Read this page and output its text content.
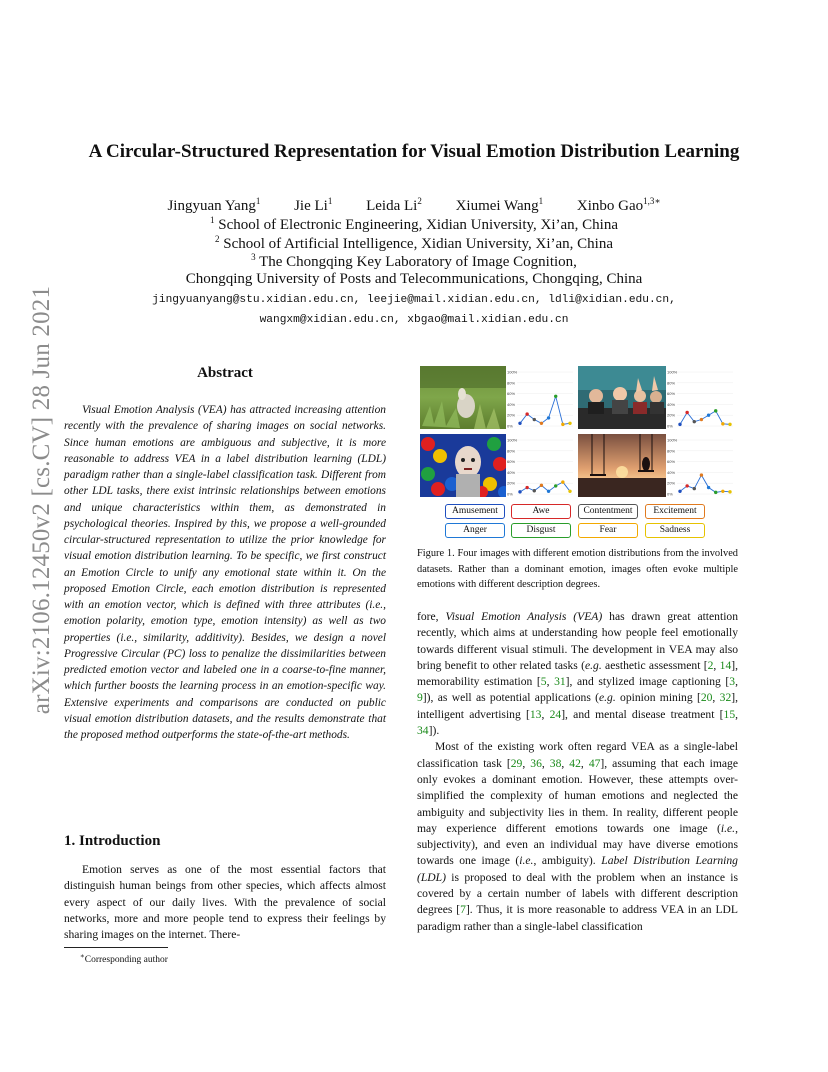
arXiv:2106.12450v2 [cs.CV] 28 Jun 2021
A Circular-Structured Representation for Visual Emotion Distribution Learning
Jingyuan Yang$^1$ Jie Li$^1$ Leida Li$^2$ Xiumei Wang$^1$ Xinbo Gao$^{1,3∗}$
$^1$ School of Electronic Engineering, Xidian University, Xi’an, China
$^2$ School of Artificial Intelligence, Xidian University, Xi’an, China
$^3$ The Chongqing Key Laboratory of Image Cognition,
Chongqing University of Posts and Telecommunications, Chongqing, China
jingyuanyang@stu.xidian.edu.cn, leejie@mail.xidian.edu.cn, ldli@xidian.edu.cn,
wangxm@xidian.edu.cn, xbgao@mail.xidian.edu.cn
Abstract

Visual Emotion Analysis (VEA) has attracted increasing attention recently with the prevalence of sharing images on social networks. Since human emotions are ambiguous and subjective, it is more reasonable to address VEA in a label distribution learning (LDL) paradigm rather than a single-label classification task. Different from other LDL tasks, there exist intrinsic relationships between emotions and unique characteristics within them, as demonstrated in psychological theories. Inspired by this, we propose a well-grounded circular-structured representation to utilize the prior knowledge for visual emotion distribution learning. To be specific, we first construct an Emotion Circle to unify any emotional state within it. On the proposed Emotion Circle, each emotion distribution is represented with an emotion vector, which is defined with three attributes (i.e., emotion polarity, emotion type, emotion intensity) as well as two properties (i.e., similarity, additivity). Besides, we design a novel Progressive Circular (PC) loss to penalize the dissimilarities between predicted emotion vector and labeled one in a coarse-to-fine manner, which further boosts the learning process in an emotion-specific way. Extensive experiments and comparisons are conducted on public visual emotion distribution datasets, and the results demonstrate that the proposed method outperforms the state-of-the-art methods.

1. Introduction

Emotion serves as one of the most essential factors that distinguish human beings from other species, which affects almost every aspect of our daily lives. With the prevalence of social networks, more and more people tend to express their feelings by sharing images on the internet. There-

∗Corresponding author
100%
80%
60%
40%
20%
0%
100%
80%
60%
40%
20%
0%
100%
80%
60%
40%
20%
0%
100%
80%
60%
40%
20%
0%
Amusement	Awe	Contentment	Excitement
Anger	Disgust	Fear	Sadness
Figure 1. Four images with different emotion distributions from the involved datasets. Rather than a dominant emotion, images often evoke multiple emotions with different description degrees.

fore, Visual Emotion Analysis (VEA) has drawn great attention recently, which aims at understanding how people feel emotionally towards different visual stimuli. The development in VEA may also bring benefit to other related tasks (e.g. aesthetic assessment [2, 14], memorability estimation [5, 31], and stylized image captioning [3, 9]), as well as potential applications (e.g. opinion mining [20, 32], intelligent advertising [13, 24], and mental disease treatment [15, 34]).

Most of the existing work often regard VEA as a single-label classification task [29, 36, 38, 42, 47], assuming that each image only evokes a dominant emotion. However, these attempts over-simplified the complexity of human emotions and neglected the ambiguity and subjectivity lies in them. In reality, different people may experience different emotions towards one image (i.e., subjectivity), and even an individual may have diverse emotions towards one image (i.e., ambiguity). Label Distribution Learning (LDL) is proposed to deal with the problem when an instance is covered by a certain number of labels with different description degrees [7]. Thus, it is more reasonable to address VEA in an LDL paradigm rather than a single-label classification
